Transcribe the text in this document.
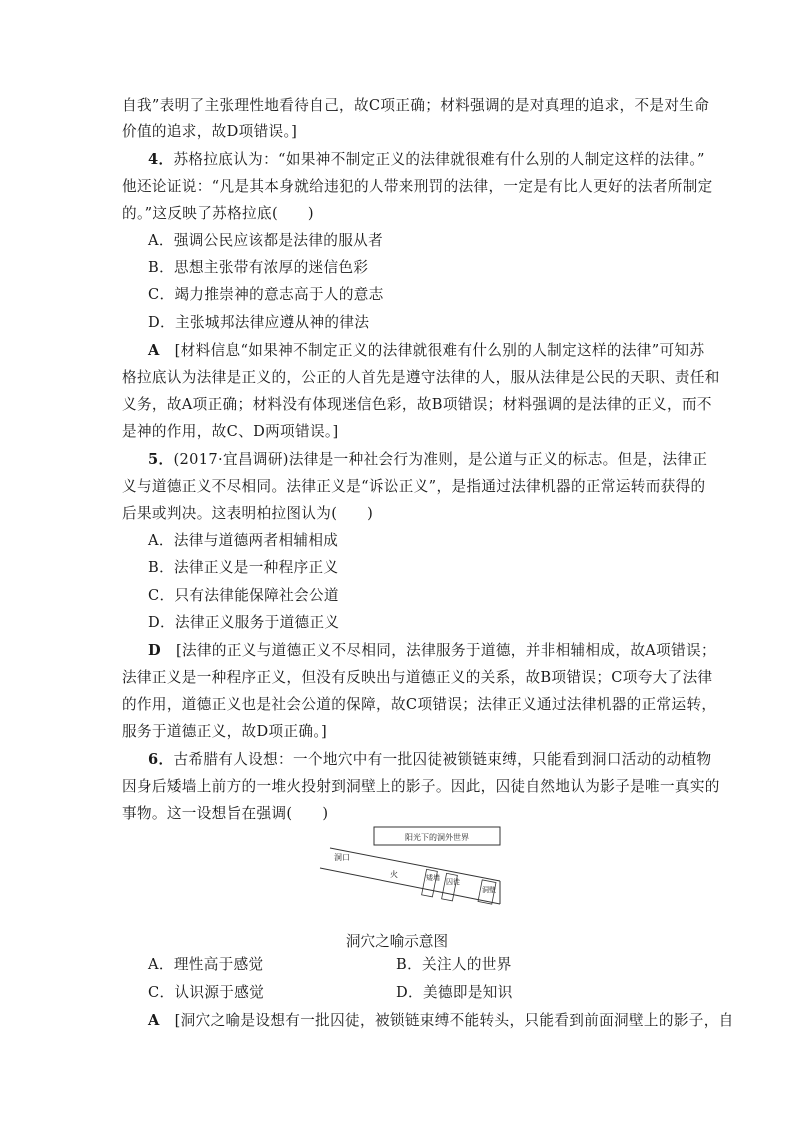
自我”表明了主张理性地看待自己，故C项正确；材料强调的是对真理的追求，不是对生命
价值的追求，故D项错误。]
4．苏格拉底认为：“如果神不制定正义的法律就很难有什么别的人制定这样的法律。”
他还论证说：“凡是其本身就给违犯的人带来刑罚的法律，一定是有比人更好的法者所制定
的。”这反映了苏格拉底(　　)
A．强调公民应该都是法律的服从者
B．思想主张带有浓厚的迷信色彩
C．竭力推崇神的意志高于人的意志
D．主张城邦法律应遵从神的律法
A　[材料信息“如果神不制定正义的法律就很难有什么别的人制定这样的法律”可知苏
格拉底认为法律是正义的，公正的人首先是遵守法律的人，服从法律是公民的天职、责任和
义务，故A项正确；材料没有体现迷信色彩，故B项错误；材料强调的是法律的正义，而不
是神的作用，故C、D两项错误。]
5．(2017·宜昌调研)法律是一种社会行为准则，是公道与正义的标志。但是，法律正
义与道德正义不尽相同。法律正义是“诉讼正义”，是指通过法律机器的正常运转而获得的
后果或判决。这表明柏拉图认为(　　)
A．法律与道德两者相辅相成
B．法律正义是一种程序正义
C．只有法律能保障社会公道
D．法律正义服务于道德正义
D　[法律的正义与道德正义不尽相同，法律服务于道德，并非相辅相成，故A项错误；
法律正义是一种程序正义，但没有反映出与道德正义的关系，故B项错误；C项夸大了法律
的作用，道德正义也是社会公道的保障，故C项错误；法律正义通过法律机器的正常运转，
服务于道德正义，故D项正确。]
6．古希腊有人设想：一个地穴中有一批囚徒被锁链束缚，只能看到洞口活动的动植物
因身后矮墙上前方的一堆火投射到洞壁上的影子。因此，囚徒自然地认为影子是唯一真实的
事物。这一设想旨在强调(　　)
阳光下的洞外世界
洞口
火	矮墙 囚徒
洞壁
洞穴之喻示意图
A．理性高于感觉	B．关注人的世界
C．认识源于感觉	D．美德即是知识
A　[洞穴之喻是设想有一批囚徒，被锁链束缚不能转头，只能看到前面洞壁上的影子，自
